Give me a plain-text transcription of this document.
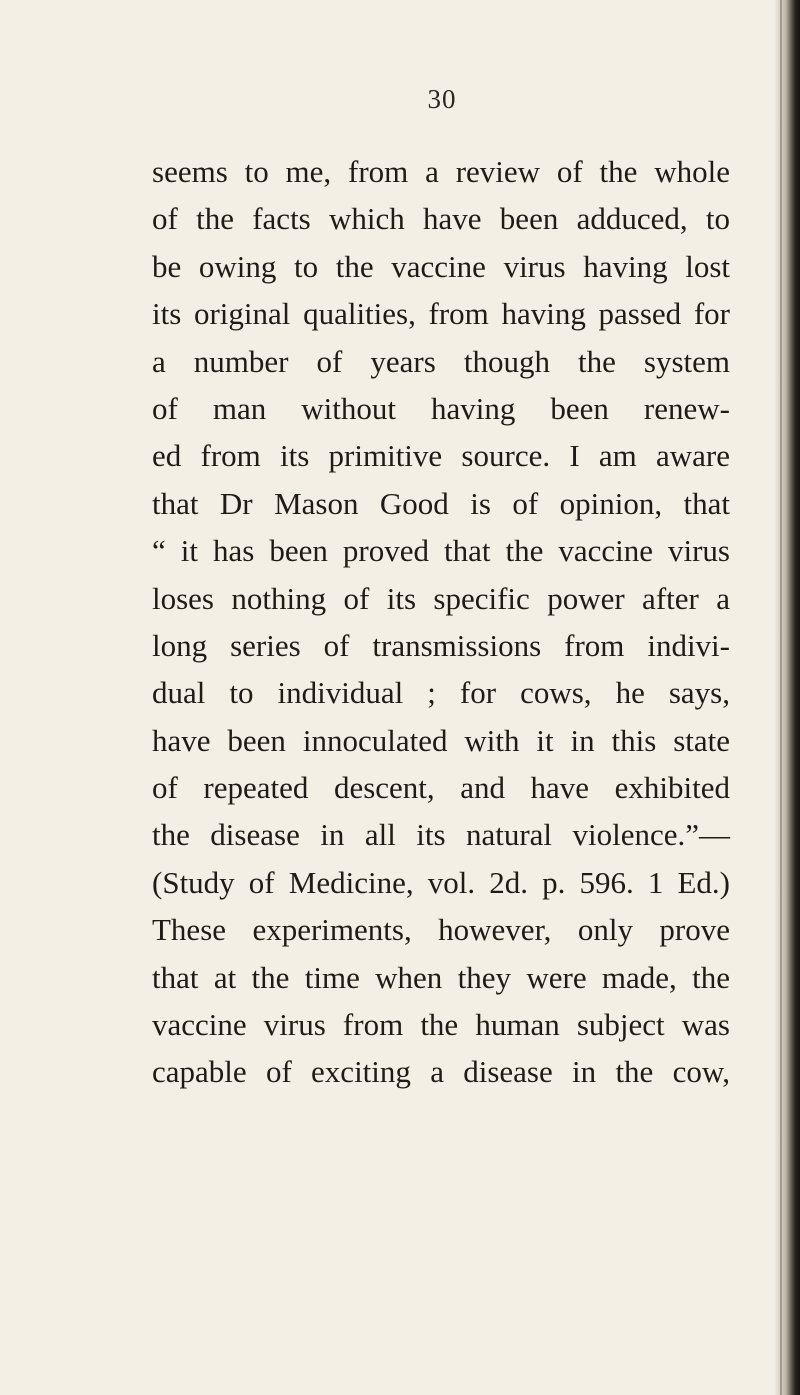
30
seems to me, from a review of the whole
of the facts which have been adduced, to
be owing to the vaccine virus having lost
its original qualities, from having passed for
a number of years though the system
of man without having been renew-
ed from its primitive source. I am aware
that Dr Mason Good is of opinion, that
“ it has been proved that the vaccine virus
loses nothing of its specific power after a
long series of transmissions from indivi-
dual to individual ; for cows, he says,
have been innoculated with it in this state
of repeated descent, and have exhibited
the disease in all its natural violence.”—
(Study of Medicine, vol. 2d. p. 596. 1 Ed.)
These experiments, however, only prove
that at the time when they were made, the
vaccine virus from the human subject was
capable of exciting a disease in the cow,
